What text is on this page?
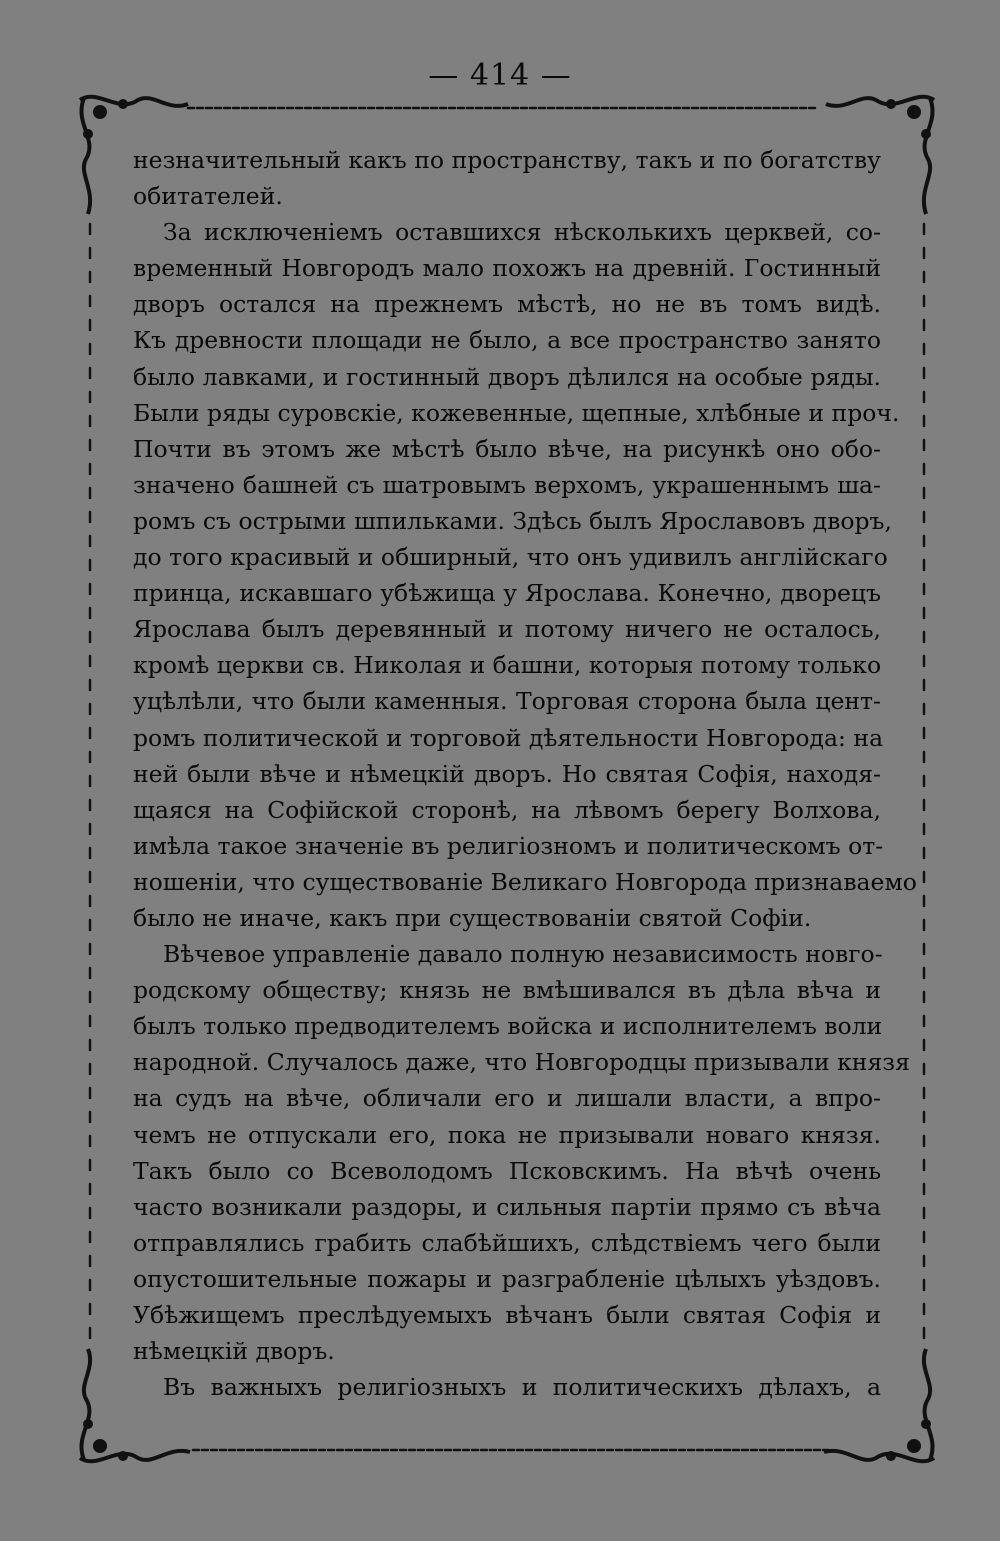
— 414 —
незначительный какъ по пространству, такъ и по богатству
обитателей.
За исключеніемъ оставшихся нѣсколькихъ церквей, со-
временный Новгородъ мало похожъ на древній. Гостинный
дворъ остался на прежнемъ мѣстѣ, но не въ томъ видѣ.
Къ древности площади не было, а все пространство занято
было лавками, и гостинный дворъ дѣлился на особые ряды.
Были ряды суровскіе, кожевенные, щепные, хлѣбные и проч.
Почти въ этомъ же мѣстѣ было вѣче, на рисункѣ оно обо-
значено башней съ шатровымъ верхомъ, украшеннымъ ша-
ромъ съ острыми шпильками. Здѣсь былъ Ярославовъ дворъ,
до того красивый и обширный, что онъ удивилъ англійскаго
принца, искавшаго убѣжища у Ярослава. Конечно, дворецъ
Ярослава былъ деревянный и потому ничего не осталось,
кромѣ церкви св. Николая и башни, которыя потому только
уцѣлѣли, что были каменныя. Торговая сторона была цент-
ромъ политической и торговой дѣятельности Новгорода: на
ней были вѣче и нѣмецкій дворъ. Но святая Софія, находя-
щаяся на Софійской сторонѣ, на лѣвомъ берегу Волхова,
имѣла такое значеніе въ религіозномъ и политическомъ от-
ношеніи, что существованіе Великаго Новгорода признаваемо
было не иначе, какъ при существованіи святой Софіи.
Вѣчевое управленіе давало полную независимость новго-
родскому обществу; князь не вмѣшивался въ дѣла вѣча и
былъ только предводителемъ войска и исполнителемъ воли
народной. Случалось даже, что Новгородцы призывали князя
на судъ на вѣче, обличали его и лишали власти, а впро-
чемъ не отпускали его, пока не призывали новаго князя.
Такъ было со Всеволодомъ Псковскимъ. На вѣчѣ очень
часто возникали раздоры, и сильныя партіи прямо съ вѣча
отправлялись грабить слабѣйшихъ, слѣдствіемъ чего были
опустошительные пожары и разграбленіе цѣлыхъ уѣздовъ.
Убѣжищемъ преслѣдуемыхъ вѣчанъ были святая Софія и
нѣмецкій дворъ.
Въ важныхъ религіозныхъ и политическихъ дѣлахъ, а
